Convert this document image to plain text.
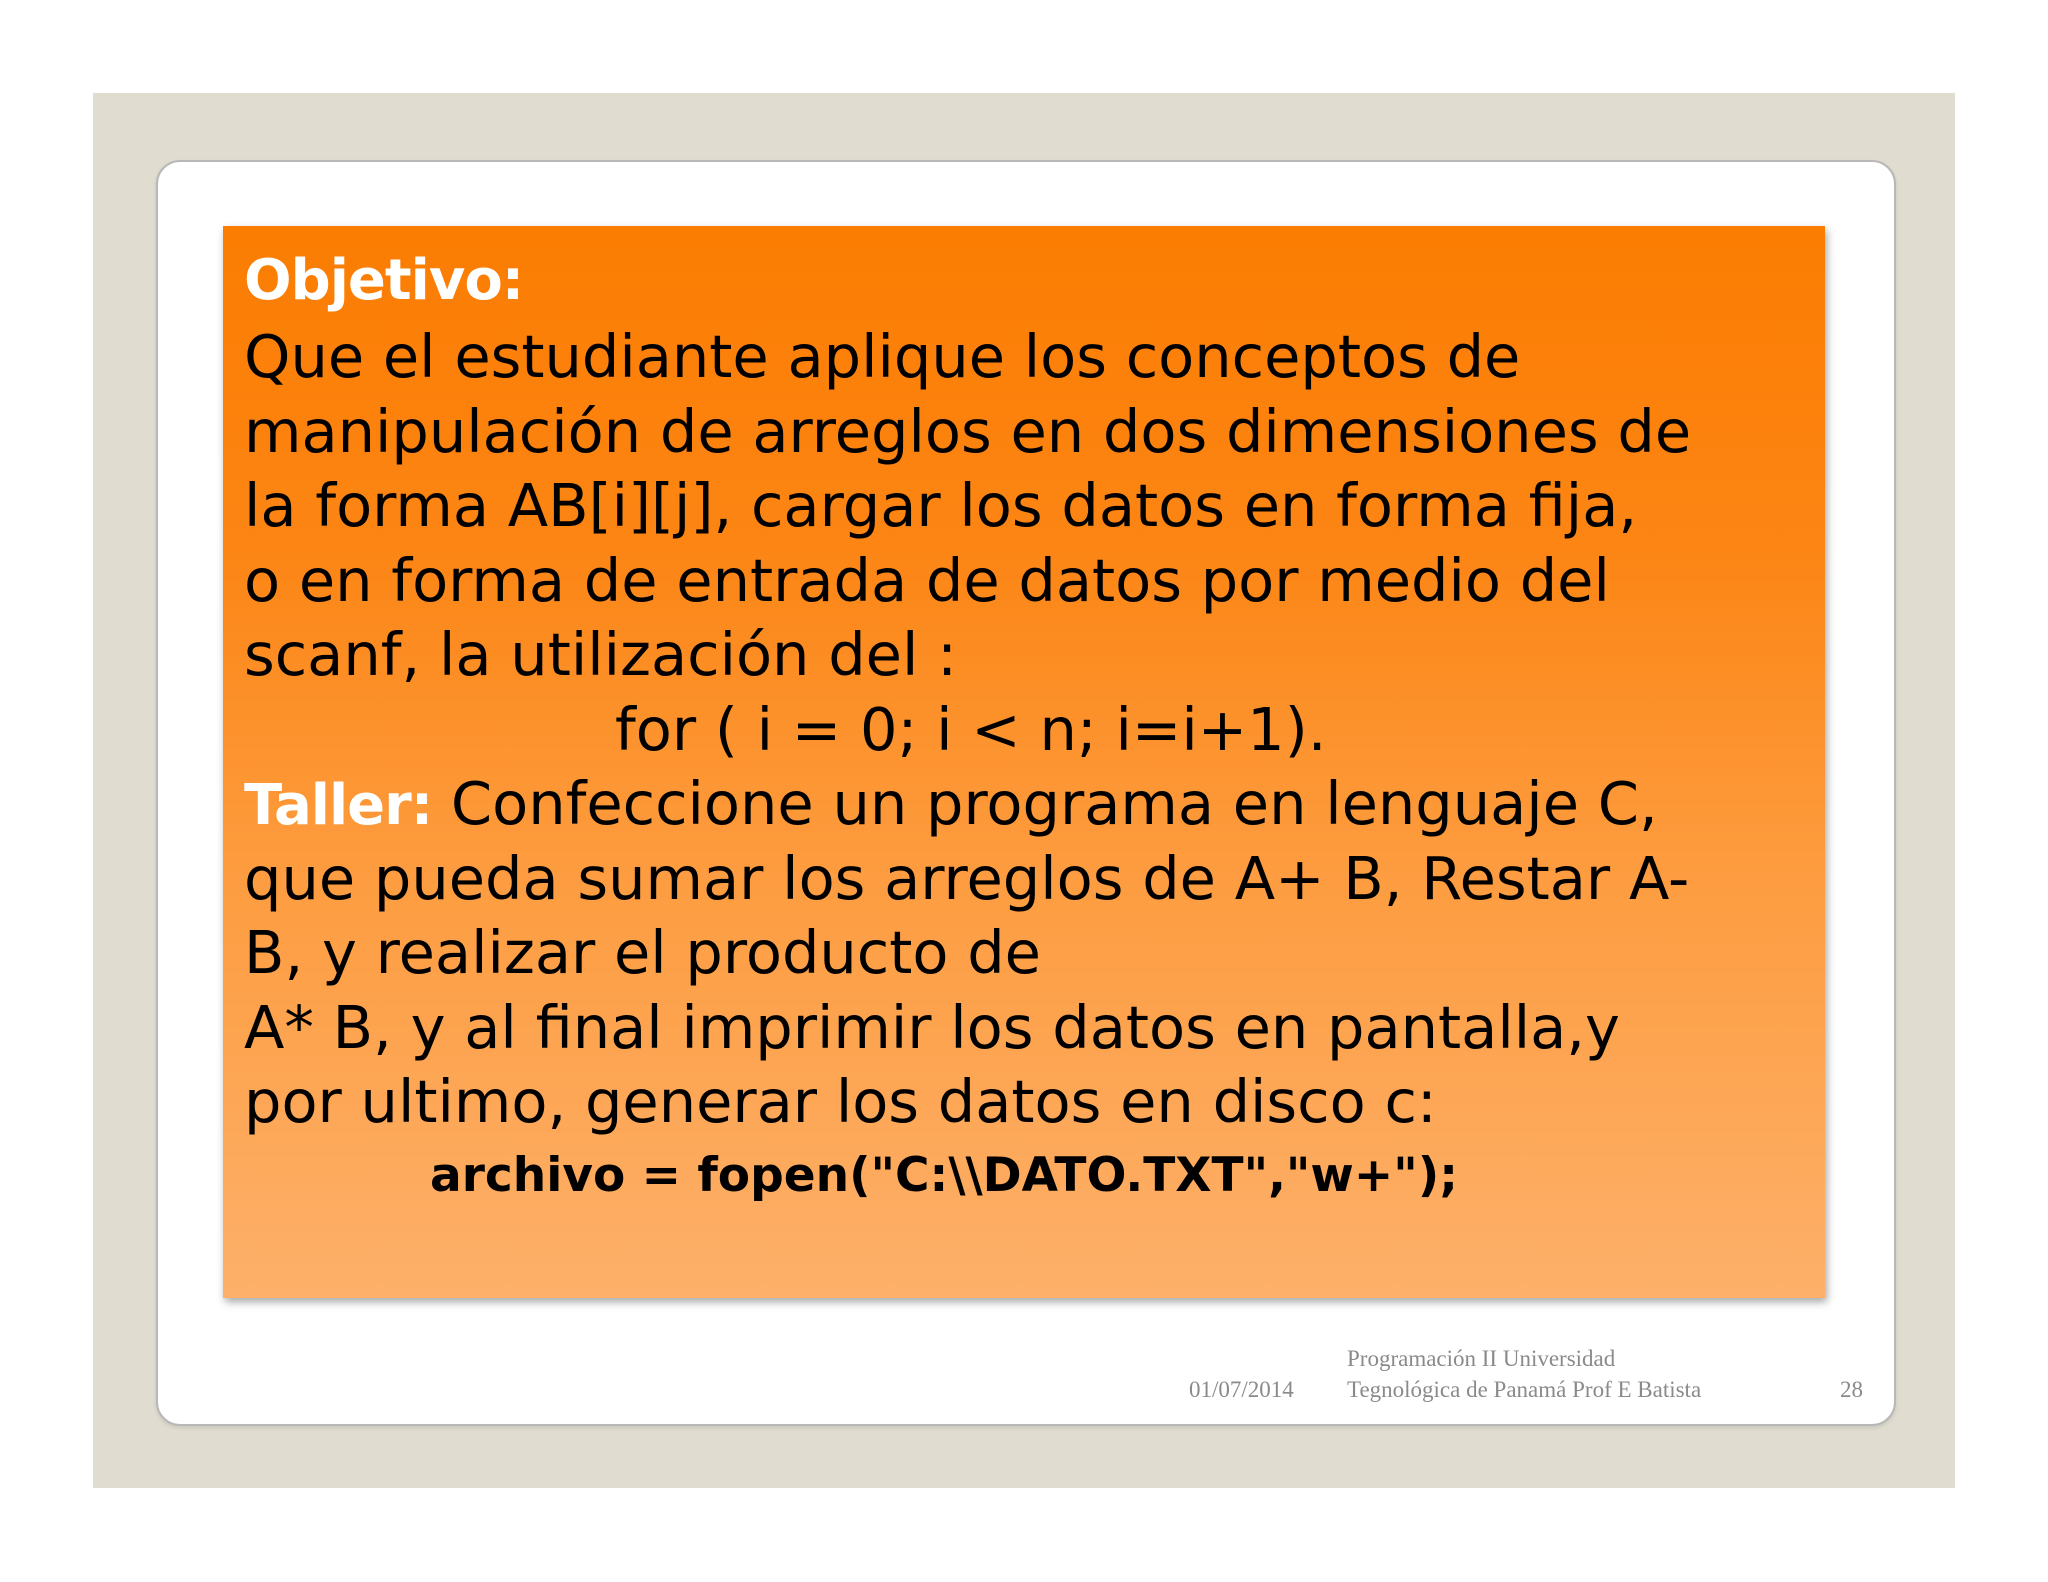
Objetivo:
Que el estudiante aplique los conceptos de
manipulación de arreglos en dos dimensiones de
la forma AB[i][j], cargar los datos en forma fija,
o en forma de entrada de datos por medio del
scanf, la utilización del :
for ( i = 0; i < n; i=i+1).
Taller: Confeccione un programa en lenguaje C,
que pueda sumar los arreglos de A+ B, Restar A-
B, y realizar el producto de
A* B, y al final imprimir los datos en pantalla,y
por ultimo, generar los datos en disco c:
archivo = fopen("C:\\DATO.TXT","w+");
01/07/2014
Programación II Universidad
Tegnológica de Panamá Prof E Batista	28
